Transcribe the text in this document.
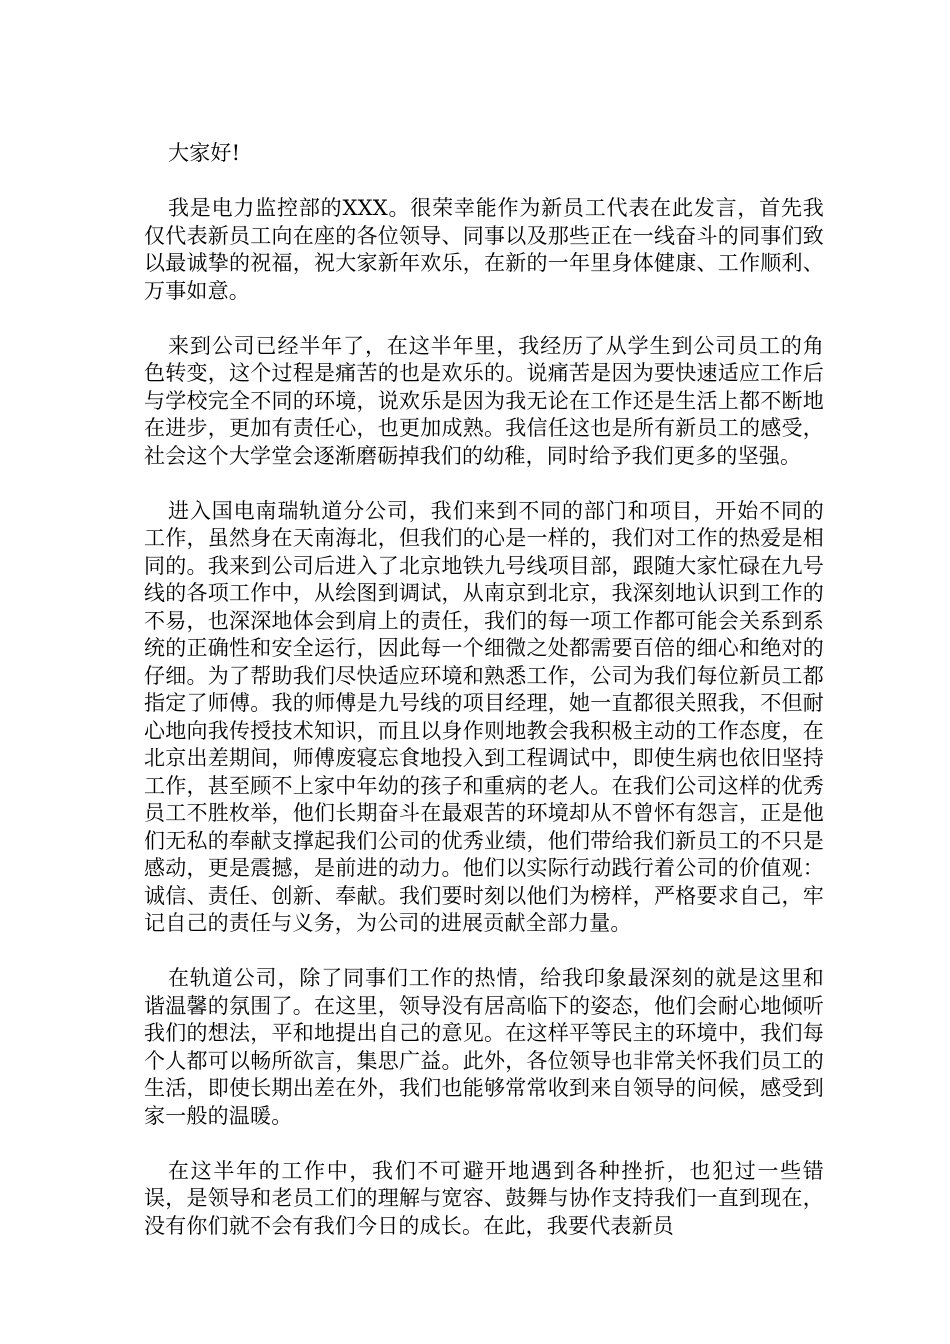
大家好!

我是电力监控部的XXX。很荣幸能作为新员工代表在此发言，首先我仅代表新员工向在座的各位领导、同事以及那些正在一线奋斗的同事们致以最诚挚的祝福，祝大家新年欢乐，在新的一年里身体健康、工作顺利、万事如意。

来到公司已经半年了，在这半年里，我经历了从学生到公司员工的角色转变，这个过程是痛苦的也是欢乐的。说痛苦是因为要快速适应工作后与学校完全不同的环境，说欢乐是因为我无论在工作还是生活上都不断地在进步，更加有责任心，也更加成熟。我信任这也是所有新员工的感受，社会这个大学堂会逐渐磨砺掉我们的幼稚，同时给予我们更多的坚强。

进入国电南瑞轨道分公司，我们来到不同的部门和项目，开始不同的工作，虽然身在天南海北，但我们的心是一样的，我们对工作的热爱是相同的。我来到公司后进入了北京地铁九号线项目部，跟随大家忙碌在九号线的各项工作中，从绘图到调试，从南京到北京，我深刻地认识到工作的不易，也深深地体会到肩上的责任，我们的每一项工作都可能会关系到系统的正确性和安全运行，因此每一个细微之处都需要百倍的细心和绝对的仔细。为了帮助我们尽快适应环境和熟悉工作，公司为我们每位新员工都指定了师傅。我的师傅是九号线的项目经理，她一直都很关照我，不但耐心地向我传授技术知识，而且以身作则地教会我积极主动的工作态度，在北京出差期间，师傅废寝忘食地投入到工程调试中，即使生病也依旧坚持工作，甚至顾不上家中年幼的孩子和重病的老人。在我们公司这样的优秀员工不胜枚举，他们长期奋斗在最艰苦的环境却从不曾怀有怨言，正是他们无私的奉献支撑起我们公司的优秀业绩，他们带给我们新员工的不只是感动，更是震撼，是前进的动力。他们以实际行动践行着公司的价值观：诚信、责任、创新、奉献。我们要时刻以他们为榜样，严格要求自己，牢记自己的责任与义务，为公司的进展贡献全部力量。

在轨道公司，除了同事们工作的热情，给我印象最深刻的就是这里和谐温馨的氛围了。在这里，领导没有居高临下的姿态，他们会耐心地倾听我们的想法，平和地提出自己的意见。在这样平等民主的环境中，我们每个人都可以畅所欲言，集思广益。此外，各位领导也非常关怀我们员工的生活，即使长期出差在外，我们也能够常常收到来自领导的问候，感受到家一般的温暖。

在这半年的工作中，我们不可避开地遇到各种挫折，也犯过一些错误，是领导和老员工们的理解与宽容、鼓舞与协作支持我们一直到现在，没有你们就不会有我们今日的成长。在此，我要代表新员
